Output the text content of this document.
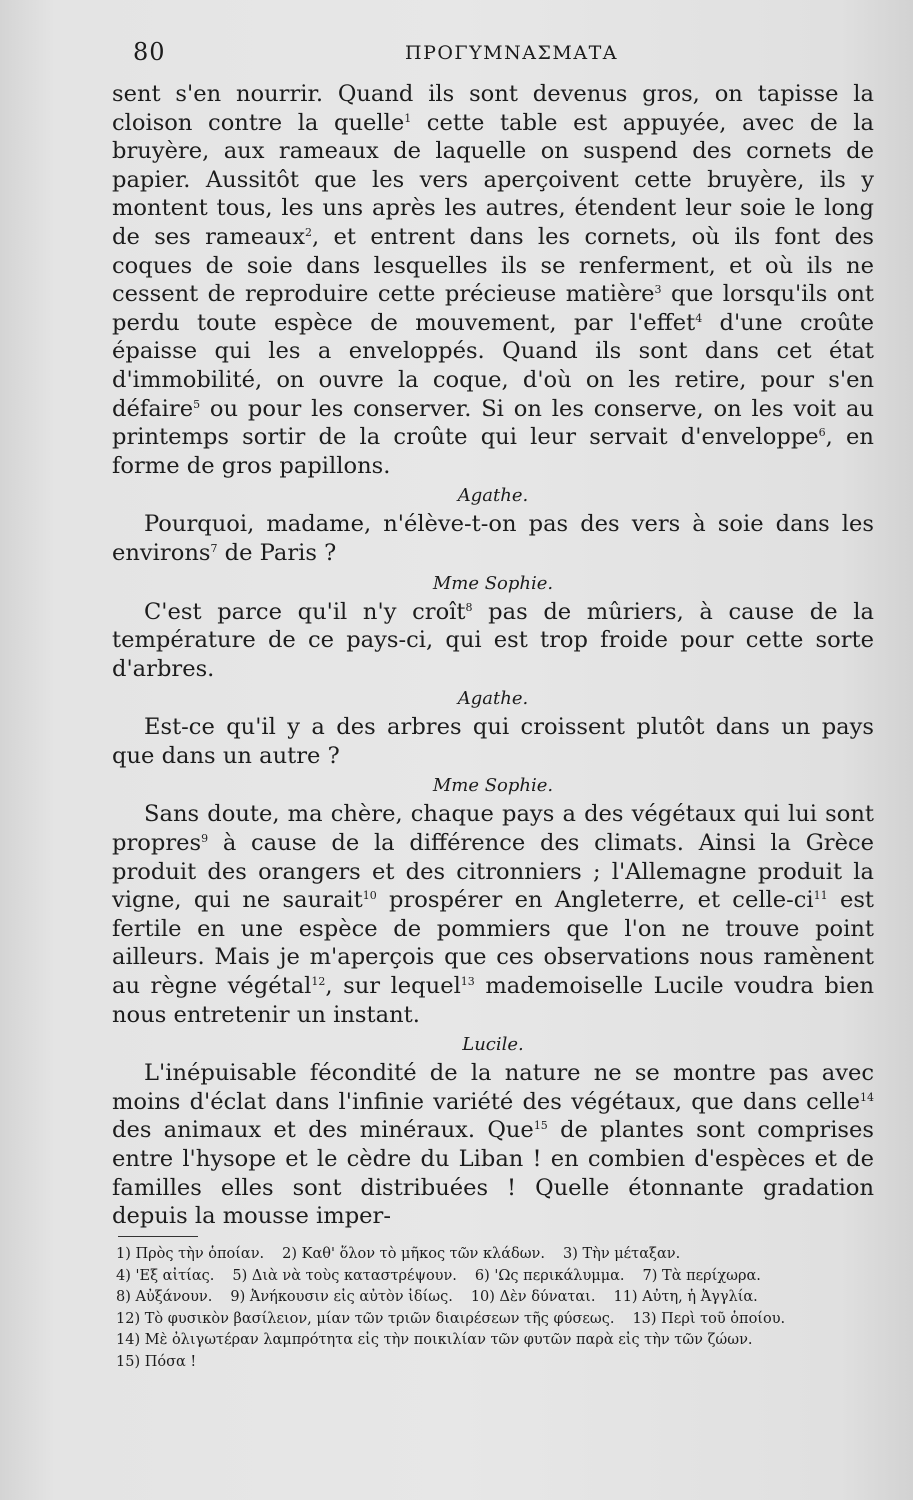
80	ΠΡΟΓΥΜΝΑΣΜΑΤΑ

sent s'en nourrir. Quand ils sont devenus gros, on tapisse la cloison contre la quelle$^1$ cette table est appuyée, avec de la bruyère, aux rameaux de laquelle on suspend des cornets de papier. Aussitôt que les vers aperçoivent cette bruyère, ils y montent tous, les uns après les autres, étendent leur soie le long de ses rameaux$^2$, et entrent dans les cornets, où ils font des coques de soie dans lesquelles ils se renferment, et où ils ne cessent de reproduire cette précieuse matière$^3$ que lorsqu'ils ont perdu toute espèce de mouvement, par l'effet$^4$ d'une croûte épaisse qui les a enveloppés. Quand ils sont dans cet état d'immobilité, on ouvre la coque, d'où on les retire, pour s'en défaire$^5$ ou pour les conserver. Si on les conserve, on les voit au printemps sortir de la croûte qui leur servait d'enveloppe$^6$, en forme de gros papillons.

Agathe.

Pourquoi, madame, n'élève-t-on pas des vers à soie dans les environs$^7$ de Paris ?

Mme Sophie.

C'est parce qu'il n'y croît$^8$ pas de mûriers, à cause de la température de ce pays-ci, qui est trop froide pour cette sorte d'arbres.

Agathe.

Est-ce qu'il y a des arbres qui croissent plutôt dans un pays que dans un autre ?

Mme Sophie.

Sans doute, ma chère, chaque pays a des végétaux qui lui sont propres$^9$ à cause de la différence des climats. Ainsi la Grèce produit des orangers et des citronniers ; l'Allemagne produit la vigne, qui ne saurait$^{10}$ prospérer en Angleterre, et celle-$ci^{11}$ est fertile en une espèce de pommiers que l'on ne trouve point ailleurs. Mais je m'aperçois que ces observations nous ramènent au règne végétal$^{12}$, sur lequel$^{13}$ mademoiselle Lucile voudra bien nous entretenir un instant.

Lucile.

L'inépuisable fécondité de la nature ne se montre pas avec moins d'éclat dans l'infinie variété des végétaux, que dans celle$^{14}$ des animaux et des minéraux. Que$^{15}$ de plantes sont comprises entre l'hysope et le cèdre du Liban ! en combien d'espèces et de familles elles sont distribuées ! Quelle étonnante gradation depuis la mousse imper-

1) Πρὸς τὴν ὁποίαν. 2) Καθ' ὅλον τὸ μῆκος τῶν κλάδων. 3) Τὴν μέταξαν.
4) 'Εξ αἰτίας. 5) Διὰ νὰ τοὺς καταστρέψουν. 6) 'Ως περικάλυμμα. 7) Τὰ περίχωρα.
8) Αὐξάνουν. 9) Ἀνήκουσιν εἰς αὐτὸν ἰδίως. 10) Δὲν δύναται. 11) Αὐτη, ἡ Ἀγγλία.
12) Τὸ φυσικὸν βασίλειον, μίαν τῶν τριῶν διαιρέσεων τῆς φύσεως. 13) Περὶ τοῦ ὁποίου.
14) Μὲ ὀλιγωτέραν λαμπρότητα εἰς τὴν ποικιλίαν τῶν φυτῶν παρὰ εἰς τὴν τῶν ζώων.
15) Πόσα !
